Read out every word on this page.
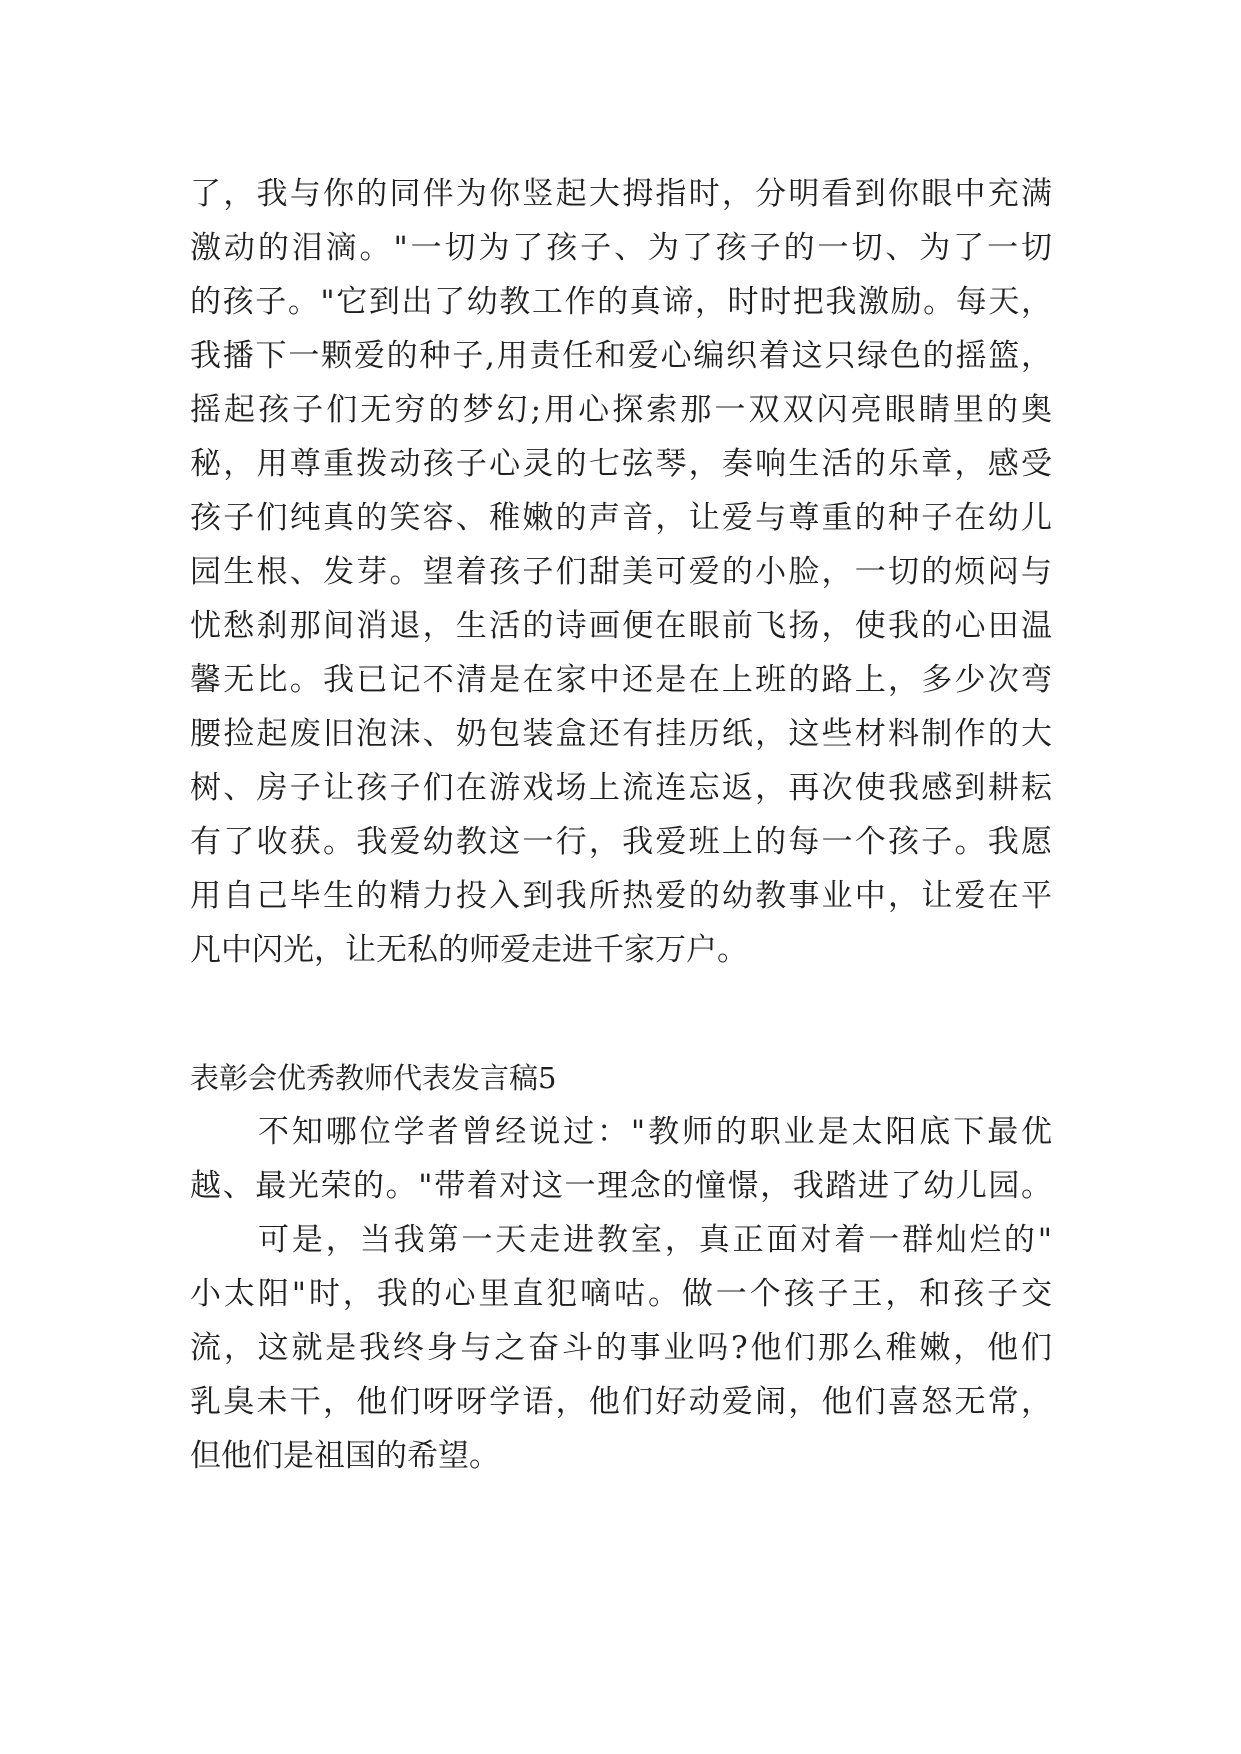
了，我与你的同伴为你竖起大拇指时，分明看到你眼中充满
激动的泪滴。"一切为了孩子、为了孩子的一切、为了一切
的孩子。"它到出了幼教工作的真谛，时时把我激励。每天，
我播下一颗爱的种子,用责任和爱心编织着这只绿色的摇篮，
摇起孩子们无穷的梦幻;用心探索那一双双闪亮眼睛里的奥
秘，用尊重拨动孩子心灵的七弦琴，奏响生活的乐章，感受
孩子们纯真的笑容、稚嫩的声音，让爱与尊重的种子在幼儿
园生根、发芽。望着孩子们甜美可爱的小脸，一切的烦闷与
忧愁刹那间消退，生活的诗画便在眼前飞扬，使我的心田温
馨无比。我已记不清是在家中还是在上班的路上，多少次弯
腰捡起废旧泡沫、奶包装盒还有挂历纸，这些材料制作的大
树、房子让孩子们在游戏场上流连忘返，再次使我感到耕耘
有了收获。我爱幼教这一行，我爱班上的每一个孩子。我愿
用自己毕生的精力投入到我所热爱的幼教事业中，让爱在平
凡中闪光，让无私的师爱走进千家万户。
表彰会优秀教师代表发言稿5
不知哪位学者曾经说过："教师的职业是太阳底下最优
越、最光荣的。"带着对这一理念的憧憬，我踏进了幼儿园。
可是，当我第一天走进教室，真正面对着一群灿烂的"
小太阳"时，我的心里直犯嘀咕。做一个孩子王，和孩子交
流，这就是我终身与之奋斗的事业吗?他们那么稚嫩，他们
乳臭未干，他们呀呀学语，他们好动爱闹，他们喜怒无常，
但他们是祖国的希望。
